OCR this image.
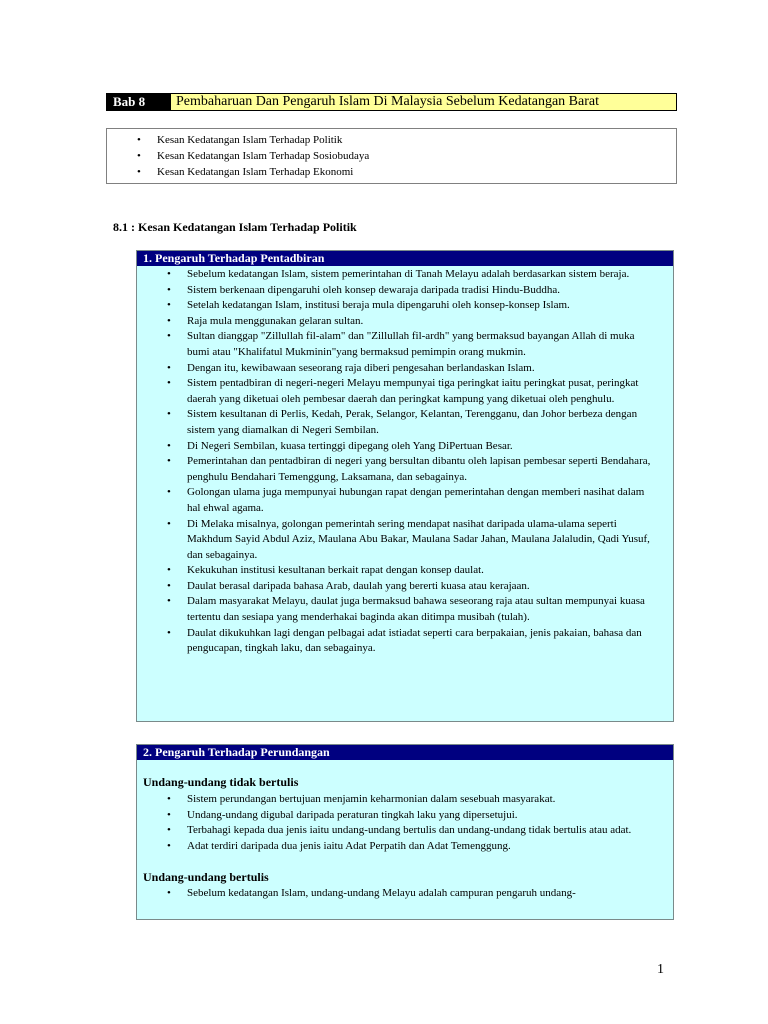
Bab 8	Pembaharuan Dan Pengaruh Islam Di Malaysia Sebelum Kedatangan Barat
• Kesan Kedatangan Islam Terhadap Politik
• Kesan Kedatangan Islam Terhadap Sosiobudaya
• Kesan Kedatangan Islam Terhadap Ekonomi
8.1 : Kesan Kedatangan Islam Terhadap Politik
1. Pengaruh Terhadap Pentadbiran
• Sebelum kedatangan Islam, sistem pemerintahan di Tanah Melayu adalah berdasarkan sistem beraja.
• Sistem berkenaan dipengaruhi oleh konsep dewaraja daripada tradisi Hindu-Buddha.
• Setelah kedatangan Islam, institusi beraja mula dipengaruhi oleh konsep-konsep Islam.
• Raja mula menggunakan gelaran sultan.
• Sultan dianggap "Zillullah fil-alam" dan "Zillullah fil-ardh" yang bermaksud bayangan Allah di muka bumi atau "Khalifatul Mukminin"yang bermaksud pemimpin orang mukmin.
• Dengan itu, kewibawaan seseorang raja diberi pengesahan berlandaskan Islam.
• Sistem pentadbiran di negeri-negeri Melayu mempunyai tiga peringkat iaitu peringkat pusat, peringkat daerah yang diketuai oleh pembesar daerah dan peringkat kampung yang diketuai oleh penghulu.
• Sistem kesultanan di Perlis, Kedah, Perak, Selangor, Kelantan, Terengganu, dan Johor berbeza dengan sistem yang diamalkan di Negeri Sembilan.
• Di Negeri Sembilan, kuasa tertinggi dipegang oleh Yang DiPertuan Besar.
• Pemerintahan dan pentadbiran di negeri yang bersultan dibantu oleh lapisan pembesar seperti Bendahara, penghulu Bendahari Temenggung, Laksamana, dan sebagainya.
• Golongan ulama juga mempunyai hubungan rapat dengan pemerintahan dengan memberi nasihat dalam hal ehwal agama.
• Di Melaka misalnya, golongan pemerintah sering mendapat nasihat daripada ulama-ulama seperti Makhdum Sayid Abdul Aziz, Maulana Abu Bakar, Maulana Sadar Jahan, Maulana Jalaludin, Qadi Yusuf, dan sebagainya.
• Kekukuhan institusi kesultanan berkait rapat dengan konsep daulat.
• Daulat berasal daripada bahasa Arab, daulah yang bererti kuasa atau kerajaan.
• Dalam masyarakat Melayu, daulat juga bermaksud bahawa seseorang raja atau sultan mempunyai kuasa tertentu dan sesiapa yang menderhakai baginda akan ditimpa musibah (tulah).
• Daulat dikukuhkan lagi dengan pelbagai adat istiadat seperti cara berpakaian, jenis pakaian, bahasa dan pengucapan, tingkah laku, dan sebagainya.
2. Pengaruh Terhadap Perundangan
Undang-undang tidak bertulis
• Sistem perundangan bertujuan menjamin keharmonian dalam sesebuah masyarakat.
• Undang-undang digubal daripada peraturan tingkah laku yang dipersetujui.
• Terbahagi kepada dua jenis iaitu undang-undang bertulis dan undang-undang tidak bertulis atau adat.
• Adat terdiri daripada dua jenis iaitu Adat Perpatih dan Adat Temenggung.
Undang-undang bertulis
• Sebelum kedatangan Islam, undang-undang Melayu adalah campuran pengaruh undang-
1
